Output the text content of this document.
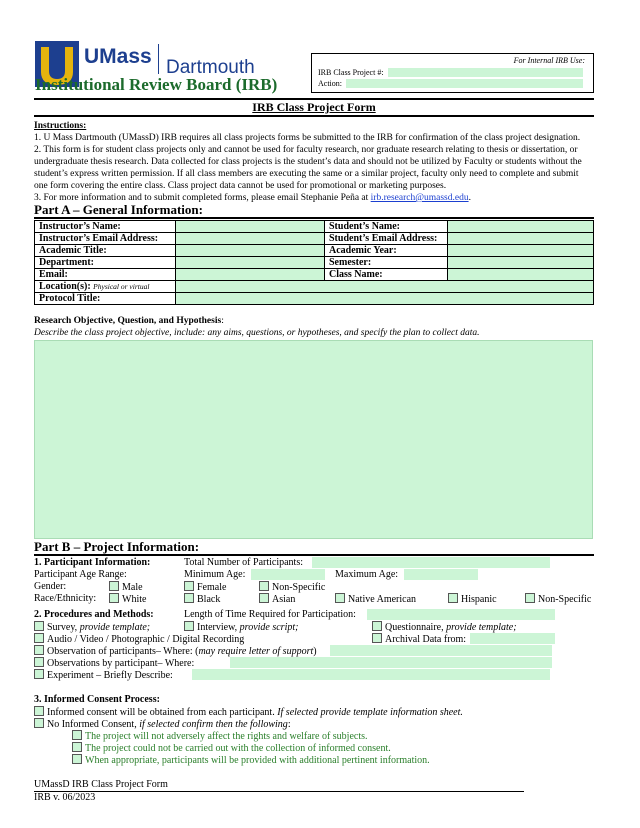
UMass Dartmouth
Institutional Review Board (IRB)
For Internal IRB Use:
IRB Class Project #:
Action:
IRB Class Project Form
Instructions:
1. U Mass Dartmouth (UMassD) IRB requires all class projects forms be submitted to the IRB for confirmation of the class project designation.
2. This form is for student class projects only and cannot be used for faculty research, nor graduate research relating to thesis or dissertation, or undergraduate thesis research. Data collected for class projects is the student’s data and should not be utilized by Faculty or students without the student’s express written permission. If all class members are executing the same or a similar project, faculty only need to complete and submit one form covering the entire class. Class project data cannot be used for promotional or marketing purposes.
3. For more information and to submit completed forms, please email Stephanie Peña at irb.research@umassd.edu.
Part A – General Information:
Instructor’s Name:		Student’s Name:	
Instructor’s Email Address:		Student’s Email Address:	
Academic Title:		Academic Year:	
Department:		Semester:	
Email:		Class Name:	
Location(s): Physical or virtual			
Protocol Title:			
Research Objective, Question, and Hypothesis:
Describe the class project objective, include: any aims, questions, or hypotheses, and specify the plan to collect data.
Part B – Project Information:
1. Participant Information:	Total Number of Participants:
Participant Age Range:	Minimum Age:	Maximum Age:
Gender:	Male	Female	Non-Specific
Race/Ethnicity:	White	Black	Asian	Native American	Hispanic	Non-Specific
2. Procedures and Methods:	Length of Time Required for Participation:
Survey, provide template;	Interview, provide script;	Questionnaire, provide template;
Audio / Video / Photographic / Digital Recording	Archival Data from:
Observation of participants– Where: (may require letter of support)
Observations by participant– Where:
Experiment – Briefly Describe:
3. Informed Consent Process:
Informed consent will be obtained from each participant. If selected provide template information sheet.
No Informed Consent, if selected confirm then the following:
The project will not adversely affect the rights and welfare of subjects.
The project could not be carried out with the collection of informed consent.
When appropriate, participants will be provided with additional pertinent information.
UMassD IRB Class Project Form
IRB v. 06/2023
